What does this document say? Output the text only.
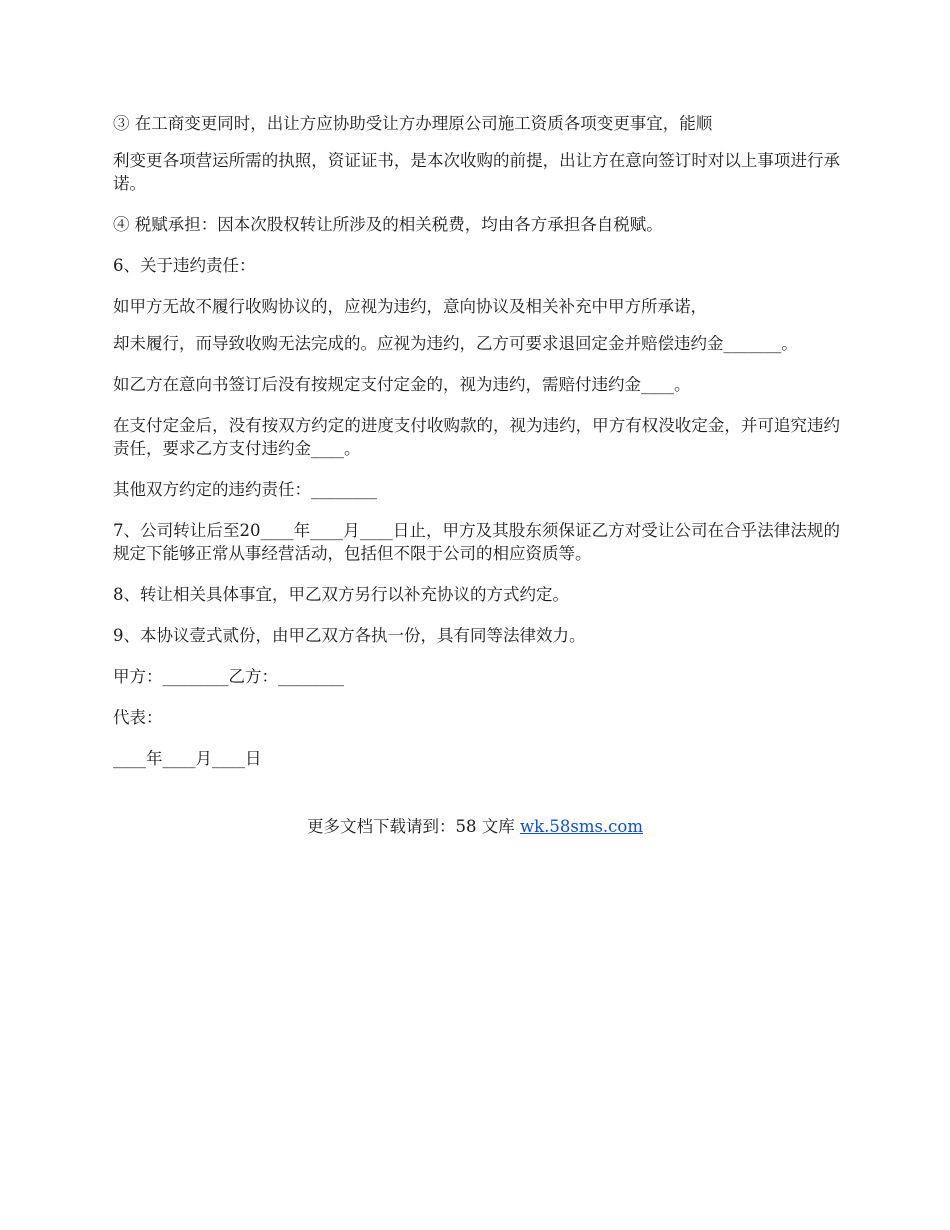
③ 在工商变更同时，出让方应协助受让方办理原公司施工资质各项变更事宜，能顺

利变更各项营运所需的执照，资证证书，是本次收购的前提，出让方在意向签订时对以上事项进行承诺。

④ 税赋承担：因本次股权转让所涉及的相关税费，均由各方承担各自税赋。

6、关于违约责任：

如甲方无故不履行收购协议的，应视为违约，意向协议及相关补充中甲方所承诺，

却未履行，而导致收购无法完成的。应视为违约，乙方可要求退回定金并赔偿违约金_______。

如乙方在意向书签订后没有按规定支付定金的，视为违约，需赔付违约金____。

在支付定金后，没有按双方约定的进度支付收购款的，视为违约，甲方有权没收定金，并可追究违约责任，要求乙方支付违约金____。

其他双方约定的违约责任：________

7、公司转让后至20____年____月____日止，甲方及其股东须保证乙方对受让公司在合乎法律法规的规定下能够正常从事经营活动，包括但不限于公司的相应资质等。

8、转让相关具体事宜，甲乙双方另行以补充协议的方式约定。

9、本协议壹式贰份，由甲乙双方各执一份，具有同等法律效力。

甲方：________乙方：________

代表：

____年____月____日

更多文档下载请到：58 文库 wk.58sms.com
